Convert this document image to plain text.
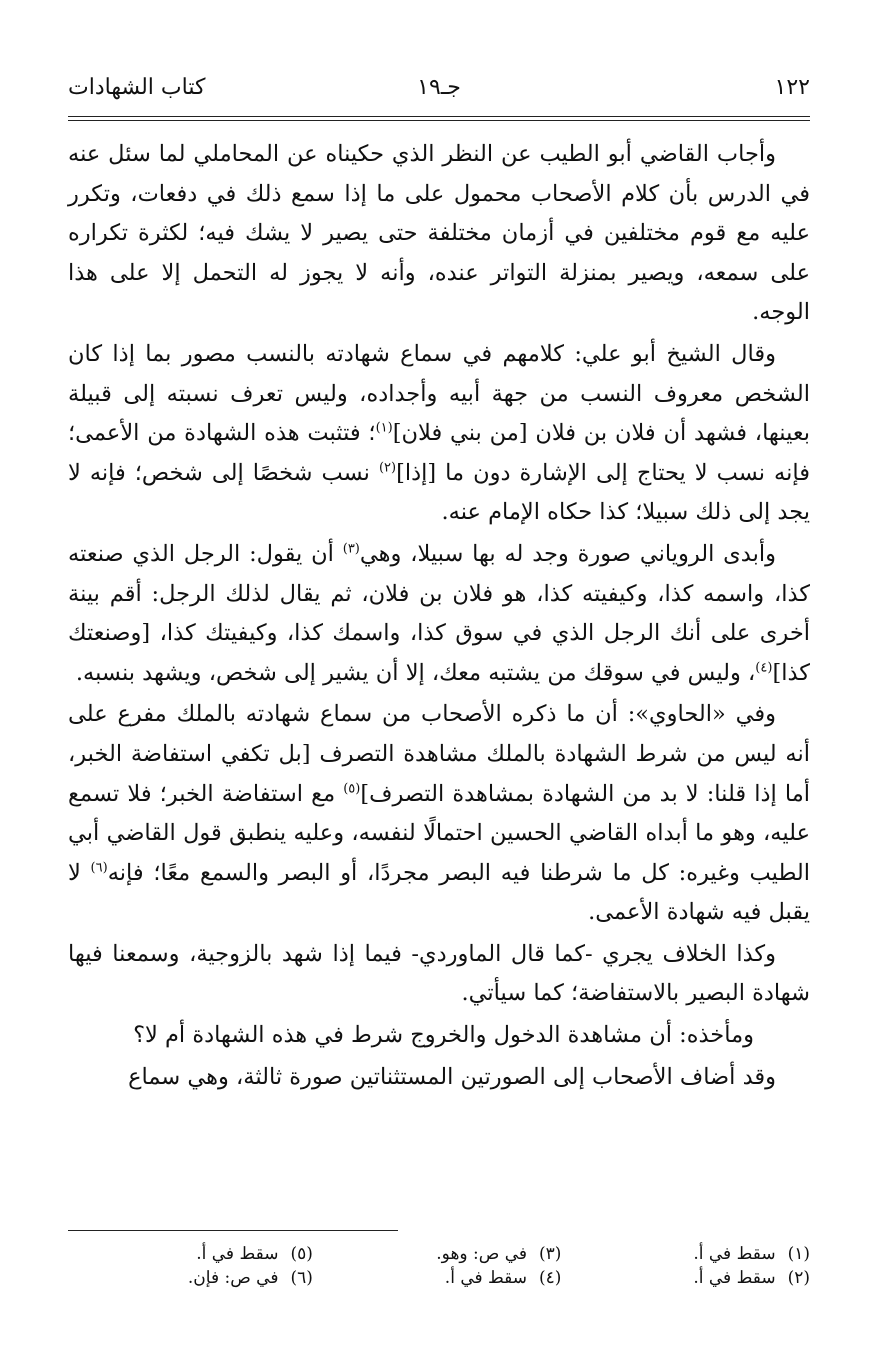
١٢٢
جـ١٩
كتاب الشهادات

وأجاب القاضي أبو الطيب عن النظر الذي حكيناه عن المحاملي لما سئل عنه في الدرس بأن كلام الأصحاب محمول على ما إذا سمع ذلك في دفعات، وتكرر عليه مع قوم مختلفين في أزمان مختلفة حتى يصير لا يشك فيه؛ لكثرة تكراره على سمعه، ويصير بمنزلة التواتر عنده، وأنه لا يجوز له التحمل إلا على هذا الوجه.

وقال الشيخ أبو علي: كلامهم في سماع شهادته بالنسب مصور بما إذا كان الشخص معروف النسب من جهة أبيه وأجداده، وليس تعرف نسبته إلى قبيلة بعينها، فشهد أن فلان بن فلان [من بني فلان]$^{(١)}$؛ فتثبت هذه الشهادة من الأعمى؛ فإنه نسب لا يحتاج إلى الإشارة دون ما [إذا]$^{(٢)}$ نسب شخصًا إلى شخص؛ فإنه لا يجد إلى ذلك سبيلا؛ كذا حكاه الإمام عنه.

وأبدى الروياني صورة وجد له بها سبيلا، وهي$^{(٣)}$ أن يقول: الرجل الذي صنعته كذا، واسمه كذا، وكيفيته كذا، هو فلان بن فلان، ثم يقال لذلك الرجل: أقم بينة أخرى على أنك الرجل الذي في سوق كذا، واسمك كذا، وكيفيتك كذا، [وصنعتك كذا]$^{(٤)}$، وليس في سوقك من يشتبه معك، إلا أن يشير إلى شخص، ويشهد بنسبه.

وفي «الحاوي»: أن ما ذكره الأصحاب من سماع شهادته بالملك مفرع على أنه ليس من شرط الشهادة بالملك مشاهدة التصرف [بل تكفي استفاضة الخبر، أما إذا قلنا: لا بد من الشهادة بمشاهدة التصرف]$^{(٥)}$ مع استفاضة الخبر؛ فلا تسمع عليه، وهو ما أبداه القاضي الحسين احتمالًا لنفسه، وعليه ينطبق قول القاضي أبي الطيب وغيره: كل ما شرطنا فيه البصر مجردًا، أو البصر والسمع معًا؛ فإنه$^{(٦)}$ لا يقبل فيه شهادة الأعمى.

وكذا الخلاف يجري -كما قال الماوردي- فيما إذا شهد بالزوجية، وسمعنا فيها شهادة البصير بالاستفاضة؛ كما سيأتي.

ومأخذه: أن مشاهدة الدخول والخروج شرط في هذه الشهادة أم لا؟

وقد أضاف الأصحاب إلى الصورتين المستثناتين صورة ثالثة، وهي سماع

(١)سقط في أ.
(٣)في ص: وهو.
(٥)سقط في أ.
(٢)سقط في أ.
(٤)سقط في أ.
(٦)في ص: فإن.
